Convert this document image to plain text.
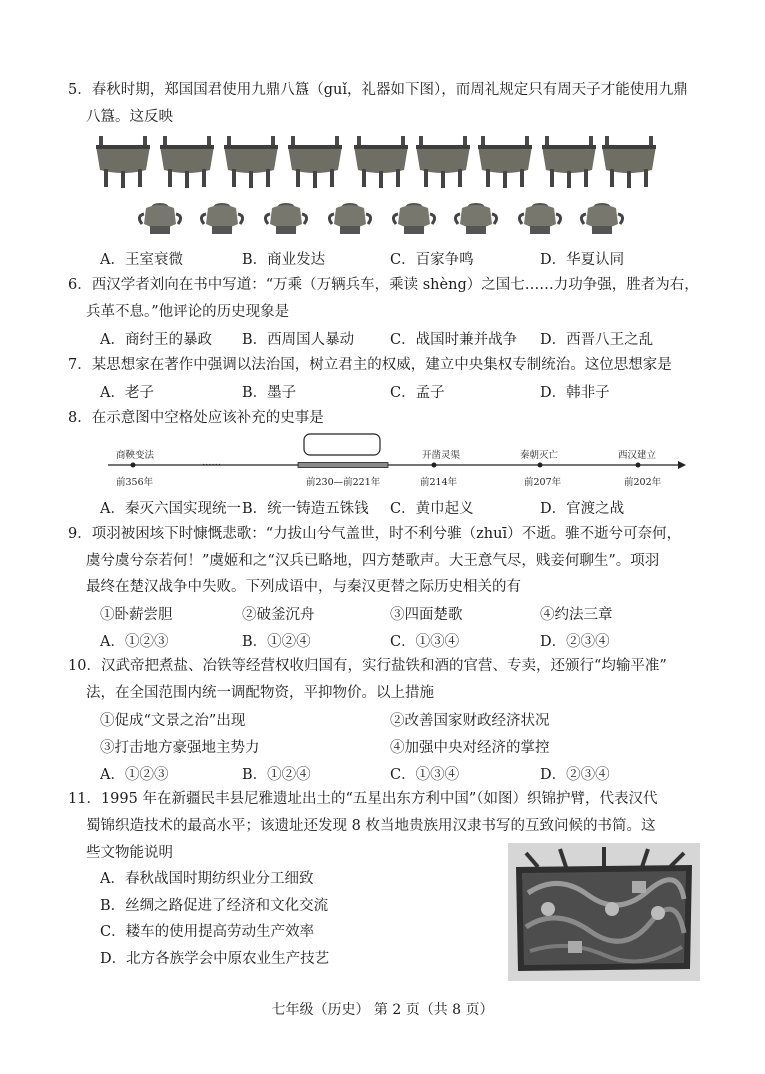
5．春秋时期，郑国国君使用九鼎八簋（guǐ，礼器如下图），而周礼规定只有周天子才能使用九鼎
八簋。这反映
A．王室衰微	B．商业发达	C．百家争鸣	D．华夏认同
6．西汉学者刘向在书中写道：“万乘（万辆兵车，乘读 shèng）之国七……力功争强，胜者为右，
兵革不息。”他评论的历史现象是
A．商纣王的暴政 B．西周国人暴动 C．战国时兼并战争 D．西晋八王之乱
7．某思想家在著作中强调以法治国，树立君主的权威，建立中央集权专制统治。这位思想家是
A．老子	B．墨子	C．孟子	D．韩非子
8．在示意图中空格处应该补充的史事是
商鞅变法	开凿灵渠	秦朝灭亡	西汉建立
……
前356年	前230—前221年	前214年	前207年	前202年
A．秦灭六国实现统一 B．统一铸造五铢钱 C．黄巾起义	D．官渡之战
9．项羽被困垓下时慷慨悲歌：“力拔山兮气盖世，时不利兮骓（zhuī）不逝。骓不逝兮可奈何，
虞兮虞兮奈若何！”虞姬和之“汉兵已略地，四方楚歌声。大王意气尽，贱妾何聊生”。项羽
最终在楚汉战争中失败。下列成语中，与秦汉更替之际历史相关的有
①卧薪尝胆	②破釜沉舟	③四面楚歌	④约法三章
A．①②③	B．①②④	C．①③④	D．②③④
10．汉武帝把煮盐、冶铁等经营权收归国有，实行盐铁和酒的官营、专卖，还颁行“均输平准”
法，在全国范围内统一调配物资，平抑物价。以上措施
①促成“文景之治”出现	②改善国家财政经济状况
③打击地方豪强地主势力	④加强中央对经济的掌控
A．①②③	B．①②④	C．①③④	D．②③④
11．1995 年在新疆民丰县尼雅遗址出土的“五星出东方利中国”（如图）织锦护臂，代表汉代
蜀锦织造技术的最高水平；该遗址还发现 8 枚当地贵族用汉隶书写的互致问候的书简。这
些文物能说明
A．春秋战国时期纺织业分工细致
B．丝绸之路促进了经济和文化交流
C．耧车的使用提高劳动生产效率
D．北方各族学会中原农业生产技艺
七年级（历史） 第 2 页（共 8 页）
